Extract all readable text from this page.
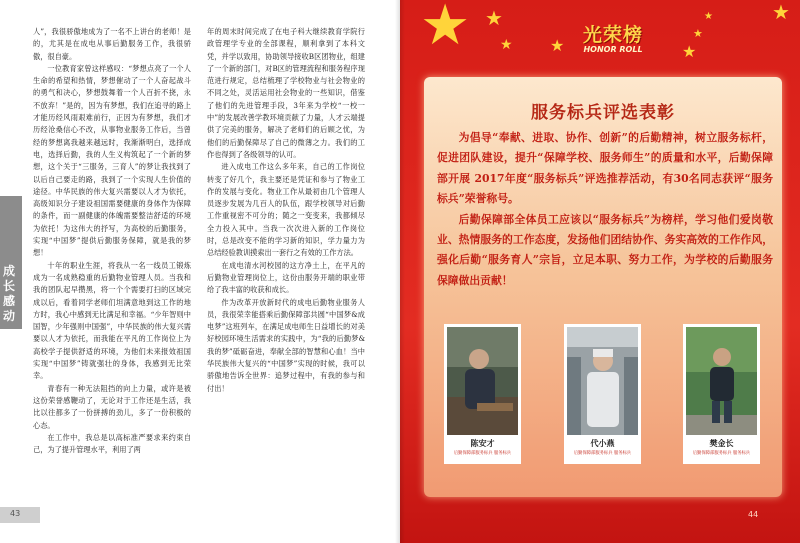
成长 感动

人”，我很骄傲地成为了一名不上讲台的老师！是的，尤其是在成电从事后勤服务工作，我很骄傲，很自豪。

一位教育家曾这样感叹：“梦想点亮了一个人生命的希望和热情，梦想催动了一个人奋起战斗的勇气和决心，梦想鼓舞着一个人百折不挠，永不放弃！”是的，因为有梦想，我们在追寻的路上才能历经风雨艰难前行，正因为有梦想，我们才历经沧桑信心不改，从事物业服务工作后，当曾经的梦想离我越来越远时，我渐渐明白，选择成电，选择后勤，我的人生义构筑起了一个新的梦想，这个关于“三服务，三育人”的梦让我找到了以后自己要走的路，我到了一个实现人生价值的途径。中华民族的伟大复兴需要以人才为依托，高级知识分子建设祖国需要健康的身体作为保障的条件，而一副健康的体魄需要整洁舒适的环境为依托！为这伟大的抒写，为高校的后勤服务，实现“中国梦”提供后勤服务保障，就是我的梦想！

十年的职业生涯，将我从一名一线员工锻炼成为一名成熟稳重的后勤物业管理人员。当我和我的团队起早攒黑，将一个个需要打扫的区域完成以后，看着同学老师们坦满意地到这工作的地方时，我心中感到无比满足和幸福。“少年智则中国智，少年强则中国强”，中华民族的伟大复兴需要以人才为依托，而我能在平凡的工作岗位上为高校学子提供舒适的环境，为他们未来报效祖国实现“中国梦”铸就强壮的身体，我感到无比荣幸。

青春有一种无法阻挡的向上力量，或许是被这份荣誉感鞭动了，无论对于工作还是生活，我比以往都多了一份拼搏的劲儿，多了一份积极的心态。

在工作中，我总是以高标准严要求来约束自己，为了提升管理水平，利用了两

年的周末时间完成了在电子科大继续教育学院行政管理学专业的全部课程，顺利拿到了本科文凭，并学以致用，协助领导接收B区团物业，组建了一个新的部门，对B区的管理流程和服务程序现范进行规定，总结梳理了学校物业与社会物业的不同之处，灵活运用社会物业的一些知识，借鉴了他们的先进管理手段，3年来为学校“一校一中”的发展改善学教环境贡献了力量，人才云端提供了完美的服务，解决了老师们的后顾之忧，为他们的后勤保障尽了自己的微薄之力。我们的工作也得到了各级领导的认可。

进入成电工作这么多年来，自己的工作岗位转变了好几个，我主要还是凭证和参与了物业工作的发展与变化。物业工作从最初由几个管理人员逐步发展为几百人的队伍，跟学校领导对后勤工作重视密不可分的；随之一变变来，我都倾尽全力投入其中。当我一次次进入新的工作岗位时，总是改变不能的学习新的知识，学力量力为总结经验教训摸索出一套行之有效的工作方法。

在成电清水河校园的这方净土上，在平凡的后勤物业管理岗位上，这份由服务开端的职业带给了我丰富的收获和成长。

作为改革开放新时代的成电后勤物业服务人员，我很荣幸能搭乘后勤保障部共圆“中国梦&成电梦”这班列车，在满足成电师生日益增长的对美好校园环境生活需求的实践中，为“我的后勤梦&我的梦”砥砺奋进，奉献全部的智慧和心血！当中华民族伟大复兴的“中国梦”实现的时候，我可以骄傲地告诉全世界：追梦过程中，有我的参与和付出！

43
★ ★
★ ★	★
★
★	★
光荣榜
HONOR ROLL
服务标兵评选表彰

为倡导“奉献、进取、协作、创新”的后勤精神，树立服务标杆，促进团队建设，提升“保障学校、服务师生”的质量和水平，后勤保障部开展 2017年度“服务标兵”评选推荐活动，有30名同志获评“服务标兵”荣誉称号。

后勤保障部全体员工应该以“服务标兵”为榜样，学习他们爱岗敬业、热情服务的工作态度，发扬他们团结协作、务实高效的工作作风，强化后勤“服务育人”宗旨，立足本职、努力工作，为学校的后勤服务保障做出贡献！

陈安才
后勤保障部服务标兵 服务标兵
代小燕
后勤保障部服务标兵 服务标兵
樊金长
后勤保障部服务标兵 服务标兵
44
